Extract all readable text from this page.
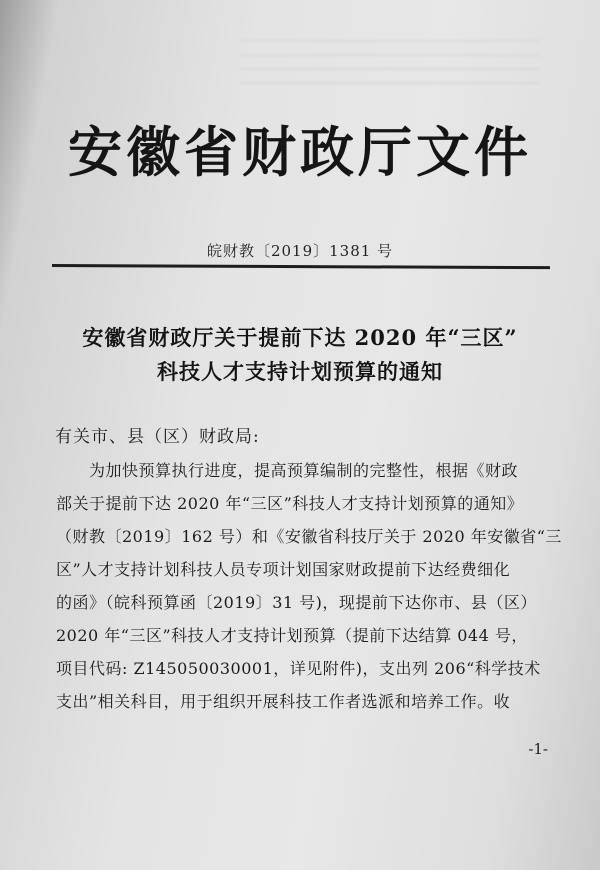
安徽省财政厅文件
皖财教〔2019〕1381 号
安徽省财政厅关于提前下达 2020 年“三区”
科技人才支持计划预算的通知
有关市、县（区）财政局:
　　为加快预算执行进度，提高预算编制的完整性，根据《财政
部关于提前下达 2020 年“三区”科技人才支持计划预算的通知》
（财教〔2019〕162 号）和《安徽省科技厅关于 2020 年安徽省“三
区”人才支持计划科技人员专项计划国家财政提前下达经费细化
的函》（皖科预算函〔2019〕31 号)，现提前下达你市、县（区）
2020 年“三区”科技人才支持计划预算（提前下达结算 044 号，
项目代码: Z145050030001，详见附件)，支出列 206“科学技术
支出”相关科目，用于组织开展科技工作者选派和培养工作。收
-1-
